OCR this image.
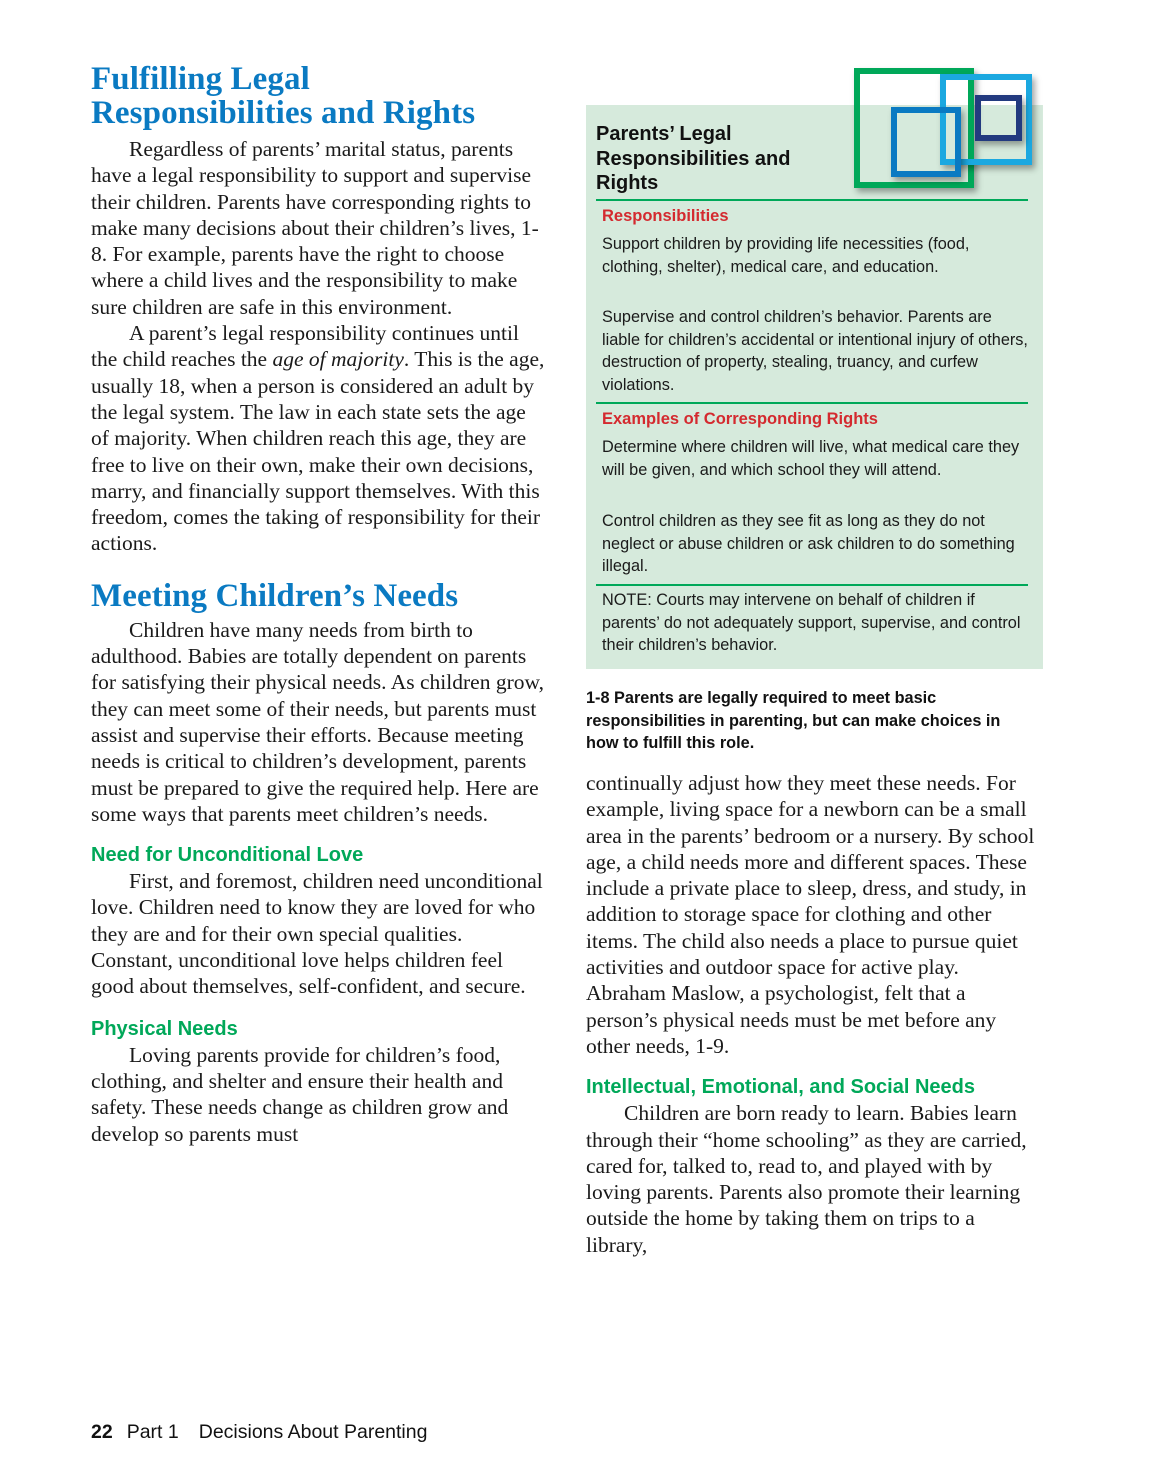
Fulfilling Legal Responsibilities and Rights

Regardless of parents’ marital status, parents have a legal responsibility to support and supervise their children. Parents have corresponding rights to make many decisions about their children’s lives, 1-8. For example, parents have the right to choose where a child lives and the responsibility to make sure children are safe in this environment.

A parent’s legal responsibility continues until the child reaches the age of majority. This is the age, usually 18, when a person is considered an adult by the legal system. The law in each state sets the age of majority. When children reach this age, they are free to live on their own, make their own decisions, marry, and financially support themselves. With this freedom, comes the taking of responsibility for their actions.

Meeting Children’s Needs

Children have many needs from birth to adulthood. Babies are totally dependent on parents for satisfying their physical needs. As children grow, they can meet some of their needs, but parents must assist and supervise their efforts. Because meeting needs is critical to children’s development, parents must be prepared to give the required help. Here are some ways that parents meet children’s needs.

Need for Unconditional Love

First, and foremost, children need unconditional love. Children need to know they are loved for who they are and for their own special qualities. Constant, unconditional love helps children feel good about themselves, self-confident, and secure.

Physical Needs

Loving parents provide for children’s food, clothing, and shelter and ensure their health and safety. These needs change as children grow and develop so parents must

Parents’ Legal Responsibilities and Rights
Responsibilities
Support children by providing life necessities (food, clothing, shelter), medical care, and education.
Supervise and control children’s behavior. Parents are liable for children’s accidental or intentional injury of others, destruction of property, stealing, truancy, and curfew violations.
Examples of Corresponding Rights
Determine where children will live, what medical care they will be given, and which school they will attend.
Control children as they see fit as long as they do not neglect or abuse children or ask children to do something illegal.
NOTE: Courts may intervene on behalf of children if parents’ do not adequately support, supervise, and control their children’s behavior.
1-8 Parents are legally required to meet basic responsibilities in parenting, but can make choices in how to fulfill this role.

continually adjust how they meet these needs. For example, living space for a newborn can be a small area in the parents’ bedroom or a nursery. By school age, a child needs more and different spaces. These include a private place to sleep, dress, and study, in addition to storage space for clothing and other items. The child also needs a place to pursue quiet activities and outdoor space for active play. Abraham Maslow, a psychologist, felt that a person’s physical needs must be met before any other needs, 1-9.

Intellectual, Emotional, and Social Needs

Children are born ready to learn. Babies learn through their “home schooling” as they are carried, cared for, talked to, read to, and played with by loving parents. Parents also promote their learning outside the home by taking them on trips to a library,

22 Part 1 Decisions About Parenting
